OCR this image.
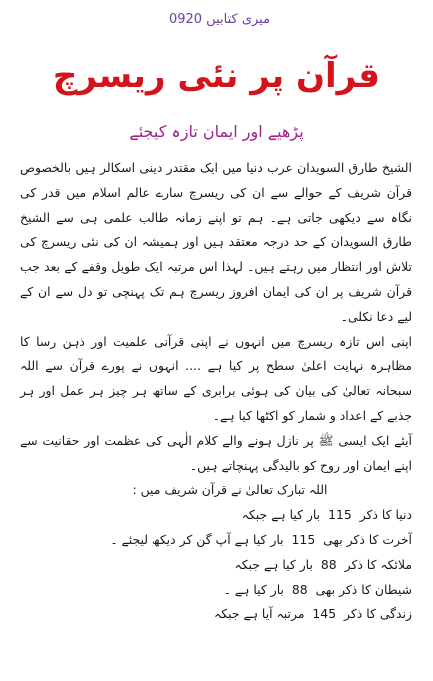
میری کتابیں 0920
قرآن پر نئی ریسرچ
پڑھیے اور ایمان تازہ کیجئے

الشیخ طارق السویدان عرب دنیا میں ایک مقتدر دینی اسکالر ہیں بالخصوص قرآن شریف کے حوالے سے ان کی ریسرچ سارے عالم اسلام میں قدر کی نگاہ سے دیکھی جاتی ہے۔ ہم تو اپنے زمانہ طالب علمی ہی سے الشیخ طارق السویدان کے حد درجہ معتقد ہیں اور ہمیشہ ان کی نئی ریسرچ کی تلاش اور انتظار میں رہتے ہیں۔ لہذا اس مرتبہ ایک طویل وقفے کے بعد جب قرآن شریف پر ان کی ایمان افروز ریسرچ ہم تک پہنچی تو دل سے ان کے لیے دعا نکلی۔

اپنی اس تازہ ریسرچ میں انہوں نے اپنی قرآنی علمیت اور ذہن رسا کا مظاہرہ نہایت اعلیٰ سطح پر کیا ہے .... انہوں نے پورے قرآن سے اللہ سبحانہ تعالیٰ کی بیان کی ہوئی برابری کے ساتھ ہر چیز ہر عمل اور ہر جذبے کے اعداد و شمار کو اکٹھا کیا ہے۔

آیئے ایک ایسی ﷺ پر نازل ہونے والے کلام الٰہی کی عظمت اور حقانیت سے اپنے ایمان اور روح کو بالیدگی پہنچاتے ہیں۔

اللہ تبارک تعالیٰ نے قرآن شریف میں :

دنیا کا ذکر 115 بار کیا ہے جبکہ
آخرت کا ذکر بھی 115 بار کیا ہے آپ گن کر دیکھ لیجئے ۔
ملائکہ کا ذکر 88 بار کیا ہے جبکہ
شیطان کا ذکر بھی 88 بار کیا ہے ۔
زندگی کا ذکر 145 مرتبہ آیا ہے جبکہ
